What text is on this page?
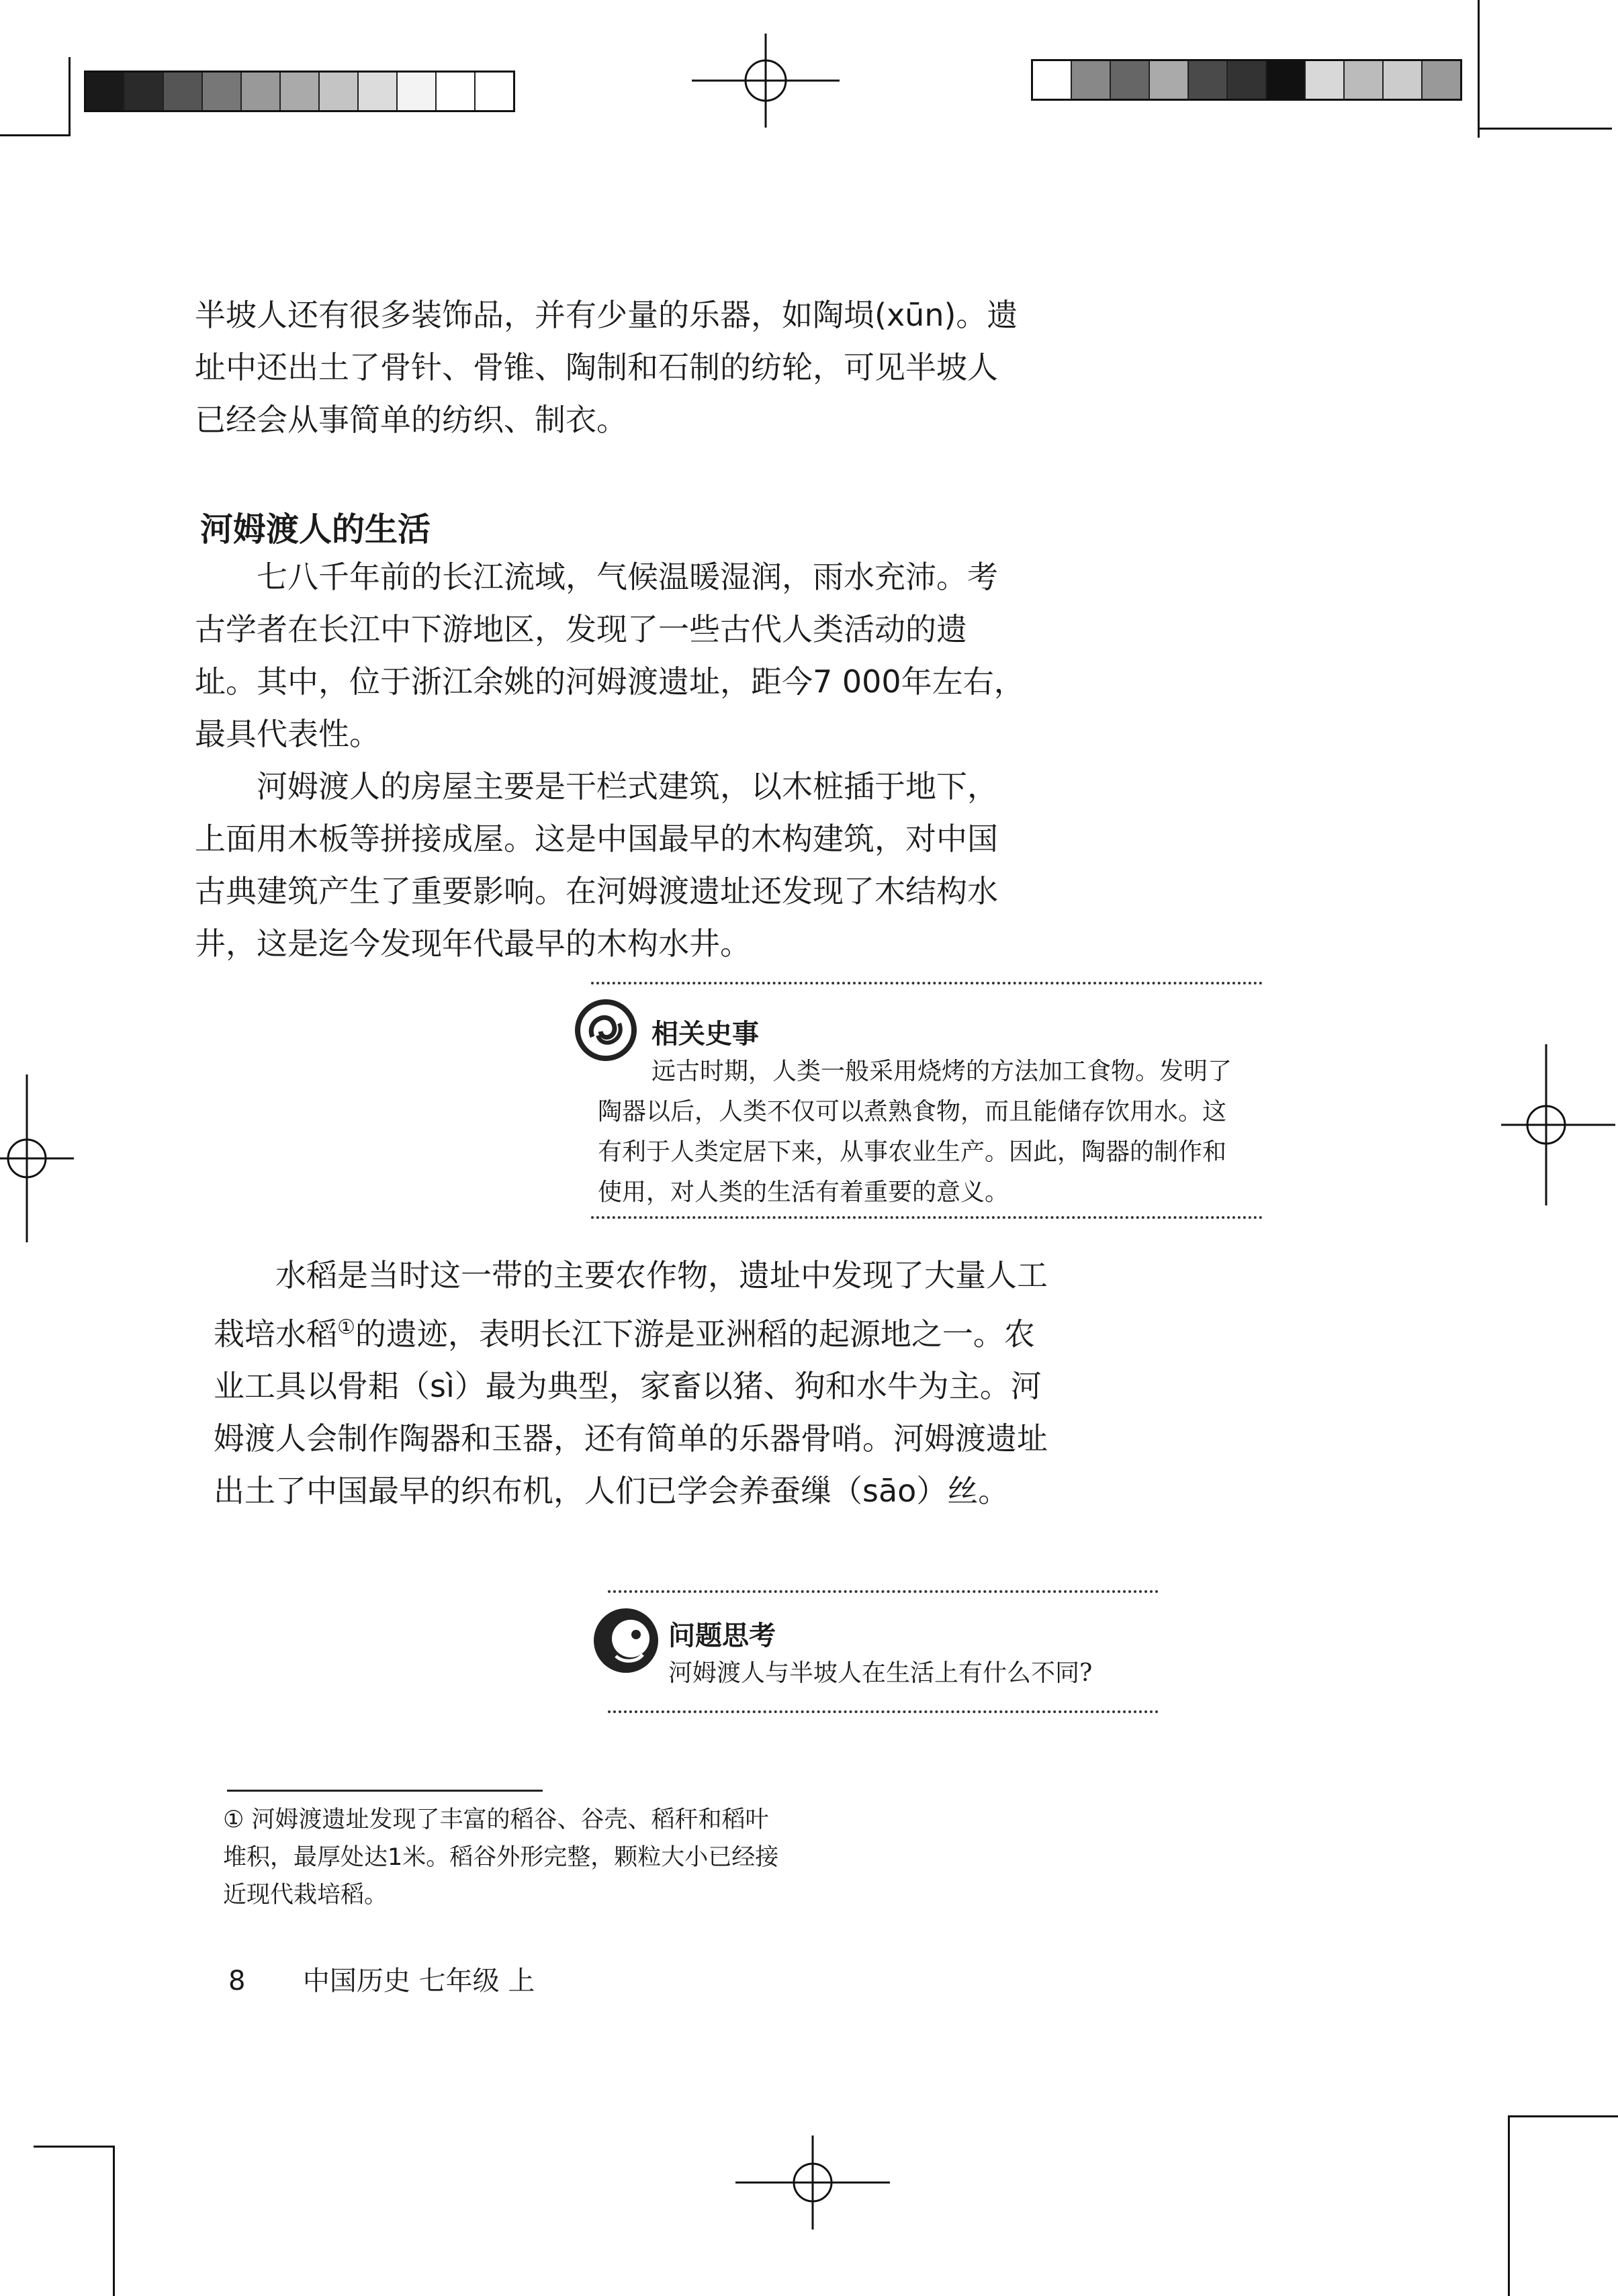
半坡人还有很多装饰品，并有少量的乐器，如陶埙(xūn)。遗址中还出土了骨针、骨锥、陶制和石制的纺轮，可见半坡人已经会从事简单的纺织、制衣。

河姆渡人的生活

七八千年前的长江流域，气候温暖湿润，雨水充沛。考古学者在长江中下游地区，发现了一些古代人类活动的遗址。其中，位于浙江余姚的河姆渡遗址，距今7 000年左右，最具代表性。

河姆渡人的房屋主要是干栏式建筑，以木桩插于地下，上面用木板等拼接成屋。这是中国最早的木构建筑，对中国古典建筑产生了重要影响。在河姆渡遗址还发现了木结构水井，这是迄今发现年代最早的木构水井。

相关史事
远古时期，人类一般采用烧烤的方法加工食物。发明了陶器以后，人类不仅可以煮熟食物，而且能储存饮用水。这有利于人类定居下来，从事农业生产。因此，陶器的制作和使用，对人类的生活有着重要的意义。

水稻是当时这一带的主要农作物，遗址中发现了大量人工栽培水稻①的遗迹，表明长江下游是亚洲稻的起源地之一。农业工具以骨耜（sì）最为典型，家畜以猪、狗和水牛为主。河姆渡人会制作陶器和玉器，还有简单的乐器骨哨。河姆渡遗址出土了中国最早的织布机，人们已学会养蚕缫（sāo）丝。

问题思考
河姆渡人与半坡人在生活上有什么不同?
① 河姆渡遗址发现了丰富的稻谷、谷壳、稻秆和稻叶堆积，最厚处达1米。稻谷外形完整，颗粒大小已经接近现代栽培稻。
8 中国历史 七年级 上
